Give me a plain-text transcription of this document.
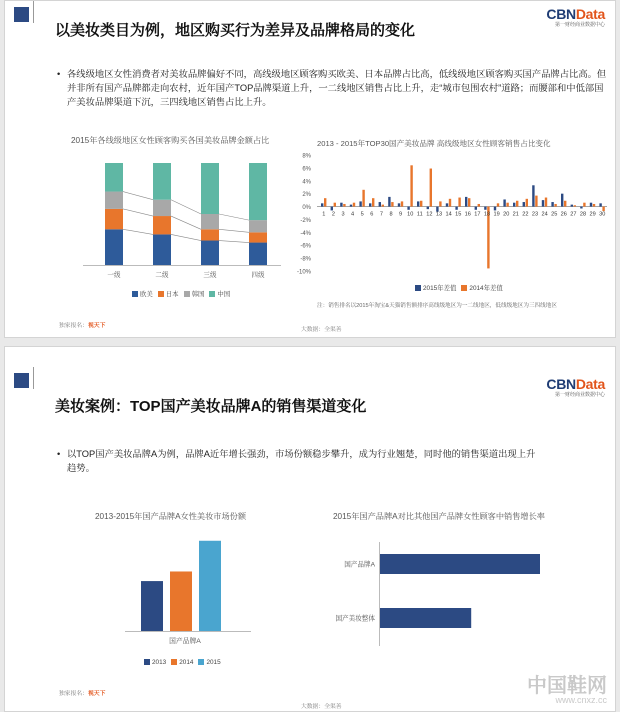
以美妆类目为例，地区购买行为差异及品牌格局的变化
CBNData
第一财经商业数据中心
• 各线级地区女性消费者对美妆品牌偏好不同，高线级地区顾客购买欧美、日本品牌占比高，低线级地区顾客购买国产品牌占比高。但并非所有国产品牌都走向农村，近年国产TOP品牌渠道上升，一二线地区销售占比上升，走“城市包围农村”道路；而腰部和中低部国产美妆品牌渠道下沉，三四线地区销售占比上升。
2015年各线级地区女性顾客购买各国美妆品牌金额占比
一级	二级	三级	四级
欧美 日本 韩国 中国
2013 - 2015年TOP30国产美妆品牌 高线级地区女性顾客销售占比变化
8%
6%
4%
2%
0%
-2%
-4%
-6%
-8%
-10%
1 2 3 4 5 6 7 8 9 10 11 12 13 14 15 16 17 18 19 20 21 22 23 24 25 26 27 28 29 30
2015年差值 2014年差值
注：销售排名以2015年淘宝&天猫销售额排序高线级地区为一二线地区，低线级地区为三四线地区
大数据：全渠善
独家报名：视天下
美妆案例：TOP国产美妆品牌A的销售渠道变化
CBNData
第一财经商业数据中心
• 以TOP国产美妆品牌A为例，品牌A近年增长强劲，市场份额稳步攀升，成为行业翘楚，同时他的销售渠道出现上升趋势。
2013-2015年国产品牌A女性美妆市场份额
国产品牌A
2013 2014 2015
2015年国产品牌A对比其他国产品牌女性顾客中销售增长率
国产品牌A
国产美妆整体
独家报名：视天下
大数据：全渠善
中国鞋网
www.cnxz.cc
